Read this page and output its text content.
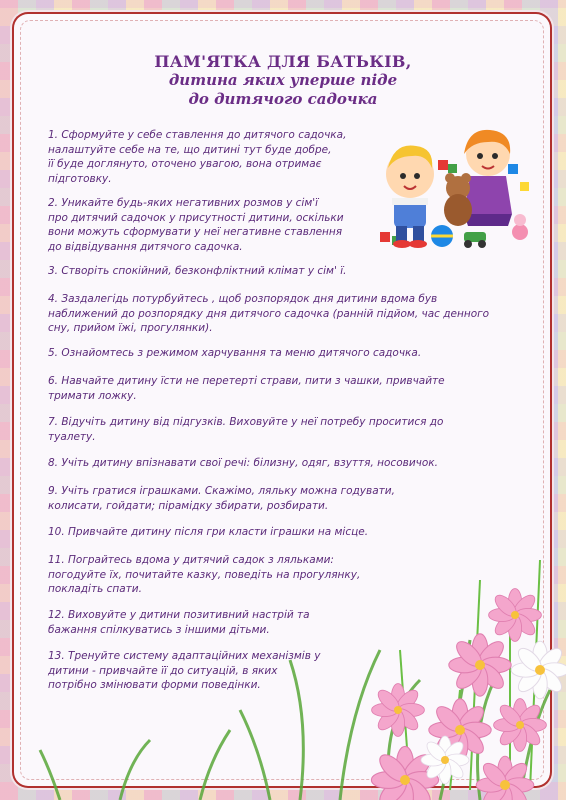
ПАМ'ЯТКА ДЛЯ БАТЬКІВ,
дитина яких уперше піде
до дитячого садочка
1. Сформуйте у себе ставлення до дитячого садочка,
налаштуйте себе на те, що дитині тут буде добре,
її буде доглянуто, оточено увагою, вона отримає
підготовку.
2. Уникайте будь-яких негативних розмов у сім'ї
про дитячий садочок у присутності дитини, оскільки
вони можуть сформувати у неї негативне ставлення
до відвідування дитячого садочка.
3. Створіть спокійний, безконфліктний клімат у сім' ї.
4. Заздалегідь потурбуйтесь , щоб розпорядок дня дитини вдома був
наближений до розпорядку дня дитячого садочка (ранній підйом, час денного
сну, прийом їжі, прогулянки).
5. Ознайомтесь з режимом харчування та меню дитячого садочка.
6. Навчайте дитину їсти не перетерті страви, пити з чашки, привчайте
тримати ложку.
7. Відучіть дитину від підгузків. Виховуйте у неї потребу проситися до
туалету.
8. Учіть дитину впізнавати свої речі: білизну, одяг, взуття, носовичок.
9. Учіть гратися іграшками. Скажімо, ляльку можна годувати,
колисати, гойдати; пірамідку збирати, розбирати.
10. Привчайте дитину після гри класти іграшки на місце.
11. Пограйтесь вдома у дитячий садок з ляльками:
погодуйте їх, почитайте казку, поведіть на прогулянку,
покладіть спати.
12. Виховуйте у дитини позитивний настрій та
бажання спілкуватись з іншими дітьми.
13. Тренуйте систему адаптаційних механізмів у
дитини - привчайте її до ситуацій, в яких
потрібно змінювати форми поведінки.
